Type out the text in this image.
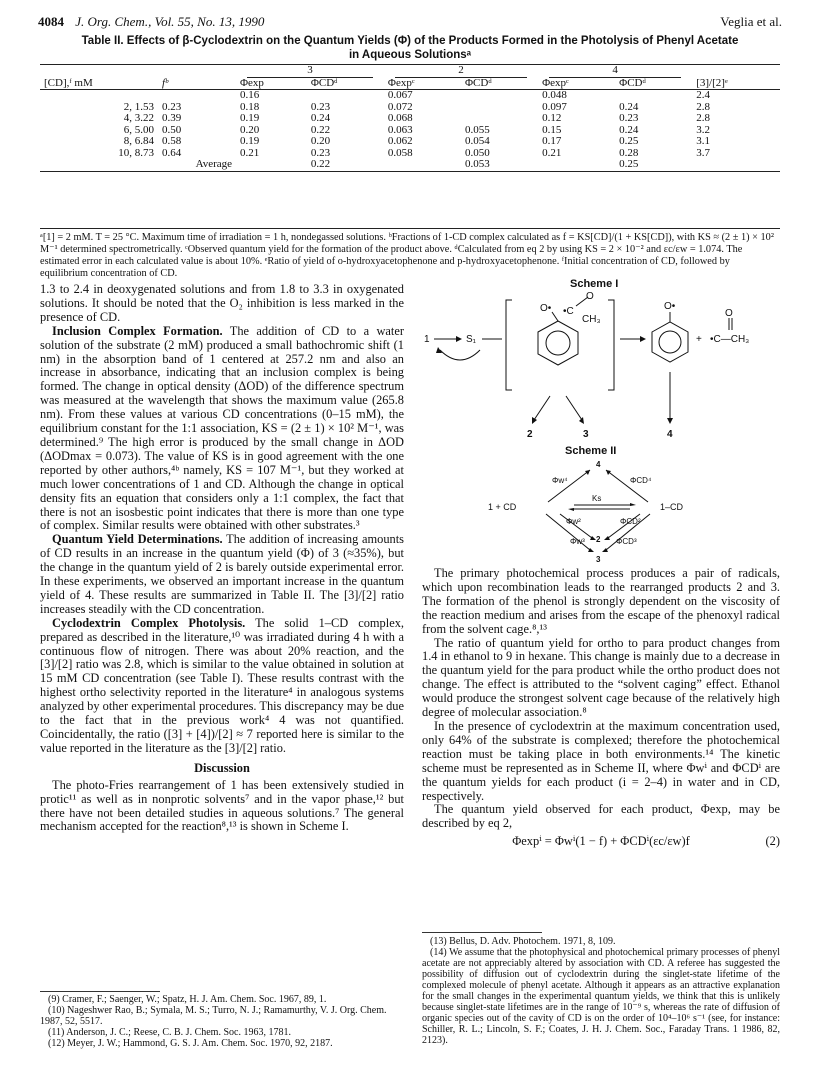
4084 J. Org. Chem., Vol. 55, No. 13, 1990	Veglia et al.
Table II. Effects of β-Cyclodextrin on the Quantum Yields (Φ) of the Products Formed in the Photolysis of Phenyl Acetate
in Aqueous Solutionsᵃ
		3		2		4		
[CD],ᶠ mM	fᵇ	Φexp	ΦCDᵈ	Φexpᶜ	ΦCDᵈ	Φexpᶜ	ΦCDᵈ	[3]/[2]ᵉ
		0.16		0.067		0.048		2.4
2, 1.53	0.23	0.18	0.23	0.072		0.097	0.24	2.8
4, 3.22	0.39	0.19	0.24	0.068		0.12	0.23	2.8
6, 5.00	0.50	0.20	0.22	0.063	0.055	0.15	0.24	3.2
8, 6.84	0.58	0.19	0.20	0.062	0.054	0.17	0.25	3.1
10, 8.73	0.64	0.21	0.23	0.058	0.050	0.21	0.28	3.7
	Average		0.22		0.053		0.25	
ᵃ[1] = 2 mM. T = 25 °C. Maximum time of irradiation = 1 h, nondegassed solutions. ᵇFractions of 1-CD complex calculated as f = KS[CD]/(1 + KS[CD]), with KS ≈ (2 ± 1) × 10² M⁻¹ determined spectrometrically. ᶜObserved quantum yield for the formation of the product above. ᵈCalculated from eq 2 by using KS = 2 × 10⁻² and εc/εw = 1.074. The estimated error in each calculated value is about 10%. ᵉRatio of yield of o-hydroxyacetophenone and p-hydroxyacetophenone. ᶠInitial concentration of CD, followed by equilibrium concentration of CD.

1.3 to 2.4 in deoxygenated solutions and from 1.8 to 3.3 in oxygenated solutions. It should be noted that the O₂ inhibition is less marked in the presence of CD.

Inclusion Complex Formation. The addition of CD to a water solution of the substrate (2 mM) produced a small bathochromic shift (1 nm) in the absorption band of 1 centered at 257.2 nm and also an increase in absorbance, indicating that an inclusion complex is being formed. The change in optical density (ΔOD) of the difference spectrum was measured at the wavelength that shows the maximum value (265.8 nm). From these values at various CD concentrations (0–15 mM), the equilibrium constant for the 1:1 association, KS = (2 ± 1) × 10² M⁻¹, was determined.⁹ The high error is produced by the small change in ΔOD (ΔODmax = 0.073). The value of KS is in good agreement with the one reported by other authors,⁴ᵇ namely, KS = 107 M⁻¹, but they worked at much lower concentrations of 1 and CD. Although the change in optical density fits an equation that considers only a 1:1 complex, the fact that there is not an isosbestic point indicates that there is more than one type of complex. Similar results were obtained with other substrates.³

Quantum Yield Determinations. The addition of increasing amounts of CD results in an increase in the quantum yield (Φ) of 3 (≈35%), but the change in the quantum yield of 2 is barely outside experimental error. In these experiments, we observed an important increase in the quantum yield of 4. These results are summarized in Table II. The [3]/[2] ratio increases steadily with the CD concentration.

Cyclodextrin Complex Photolysis. The solid 1–CD complex, prepared as described in the literature,¹⁰ was irradiated during 4 h with a continuous flow of nitrogen. There was about 20% reaction, and the [3]/[2] ratio was 2.8, which is similar to the value obtained in solution at 15 mM CD concentration (see Table I). These results contrast with the highest ortho selectivity reported in the literature⁴ in analogous systems analyzed by other experimental procedures. This discrepancy may be due to the fact that in the previous work⁴ 4 was not quantified. Coincidentally, the ratio ([3] + [4])/[2] ≈ 7 reported here is similar to the value reported in the literature as the [3]/[2] ratio.

Discussion

The photo-Fries rearrangement of 1 has been extensively studied in protic¹¹ as well as in nonprotic solvents⁷ and in the vapor phase,¹² but there have not been detailed studies in aqueous solutions.⁷ The general mechanism accepted for the reaction⁸,¹³ is shown in Scheme I.

(9) Cramer, F.; Saenger, W.; Spatz, H. J. Am. Chem. Soc. 1967, 89, 1.

(10) Nageshwer Rao, B.; Symala, M. S.; Turro, N. J.; Ramamurthy, V. J. Org. Chem. 1987, 52, 5517.

(11) Anderson, J. C.; Reese, C. B. J. Chem. Soc. 1963, 1781.

(12) Meyer, J. W.; Hammond, G. S. J. Am. Chem. Soc. 1970, 92, 2187.

Scheme I
1	S₁
O• •C
O
CH₃
O•
+
O
•C—CH₃
2	3	4
Scheme II
4
Φw⁴	ΦCD⁴
1 + CD	1–CD
Ks
Φw²	ΦCD²
Φw³	ΦCD³
2
3

The primary photochemical process produces a pair of radicals, which upon recombination leads to the rearranged products 2 and 3. The formation of the phenol is strongly dependent on the viscosity of the reaction medium and arises from the escape of the phenoxyl radical from the solvent cage.⁸,¹³

The ratio of quantum yield for ortho to para product changes from 1.4 in ethanol to 9 in hexane. This change is mainly due to a decrease in the quantum yield for the para product while the ortho product does not change. The effect is attributed to the “solvent caging” effect. Ethanol would produce the strongest solvent cage because of the relatively high degree of molecular association.⁸

In the presence of cyclodextrin at the maximum concentration used, only 64% of the substrate is complexed; therefore the photochemical reaction must be taking place in both environments.¹⁴ The kinetic scheme must be represented as in Scheme II, where Φwⁱ and ΦCDⁱ are the quantum yields for each product (i = 2–4) in water and in CD, respectively.

The quantum yield observed for each product, Φexp, may be described by eq 2,

Φexpⁱ = Φwⁱ(1 − f) + ΦCDⁱ(εc/εw)f	(2)

(13) Bellus, D. Adv. Photochem. 1971, 8, 109.

(14) We assume that the photophysical and photochemical primary processes of phenyl acetate are not appreciably altered by association with CD. A referee has suggested the possibility of diffusion out of cyclodextrin during the singlet-state lifetime of the complexed molecule of phenyl acetate. Although it appears as an attractive explanation for the small changes in the experimental quantum yields, we think that this is unlikely because singlet-state lifetimes are in the range of 10⁻⁹ s, whereas the rate of diffusion of organic species out of the cavity of CD is on the order of 10⁴–10⁶ s⁻¹ (see, for instance: Schiller, R. L.; Lincoln, S. F.; Coates, J. H. J. Chem. Soc., Faraday Trans. 1 1986, 82, 2123).
